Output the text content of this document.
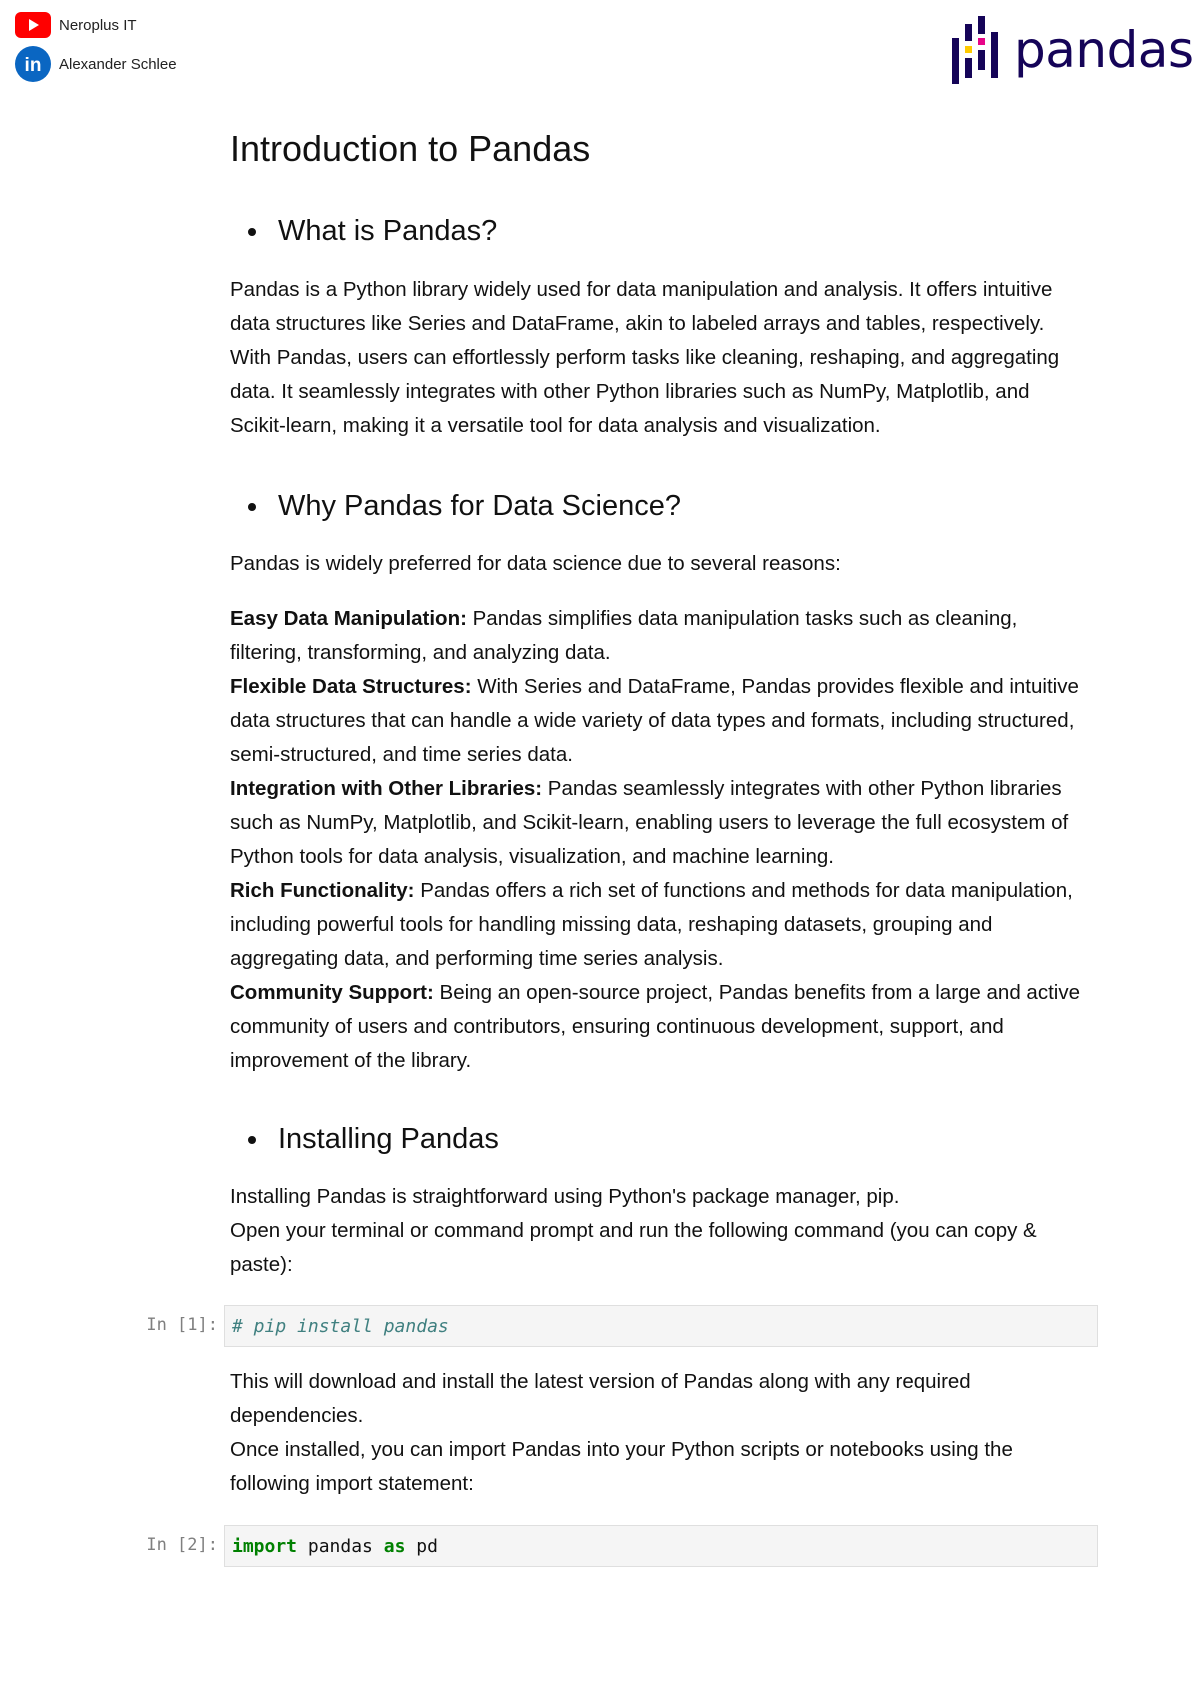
Neroplus IT
in Alexander Schlee	pandas
Introduction to Pandas
What is Pandas?
Pandas is a Python library widely used for data manipulation and analysis. It offers intuitive data structures like Series and DataFrame, akin to labeled arrays and tables, respectively. With Pandas, users can effortlessly perform tasks like cleaning, reshaping, and aggregating data. It seamlessly integrates with other Python libraries such as NumPy, Matplotlib, and Scikit-learn, making it a versatile tool for data analysis and visualization.
Why Pandas for Data Science?
Pandas is widely preferred for data science due to several reasons:
Easy Data Manipulation: Pandas simplifies data manipulation tasks such as cleaning, filtering, transforming, and analyzing data.
Flexible Data Structures: With Series and DataFrame, Pandas provides flexible and intuitive data structures that can handle a wide variety of data types and formats, including structured, semi-structured, and time series data.
Integration with Other Libraries: Pandas seamlessly integrates with other Python libraries such as NumPy, Matplotlib, and Scikit-learn, enabling users to leverage the full ecosystem of Python tools for data analysis, visualization, and machine learning.
Rich Functionality: Pandas offers a rich set of functions and methods for data manipulation, including powerful tools for handling missing data, reshaping datasets, grouping and aggregating data, and performing time series analysis.
Community Support: Being an open-source project, Pandas benefits from a large and active community of users and contributors, ensuring continuous development, support, and improvement of the library.
Installing Pandas
Installing Pandas is straightforward using Python's package manager, pip.
Open your terminal or command prompt and run the following command (you can copy & paste):
This will download and install the latest version of Pandas along with any required dependencies.
Once installed, you can import Pandas into your Python scripts or notebooks using the following import statement:
In [1]: # pip install pandas
In [2]: import pandas as pd
